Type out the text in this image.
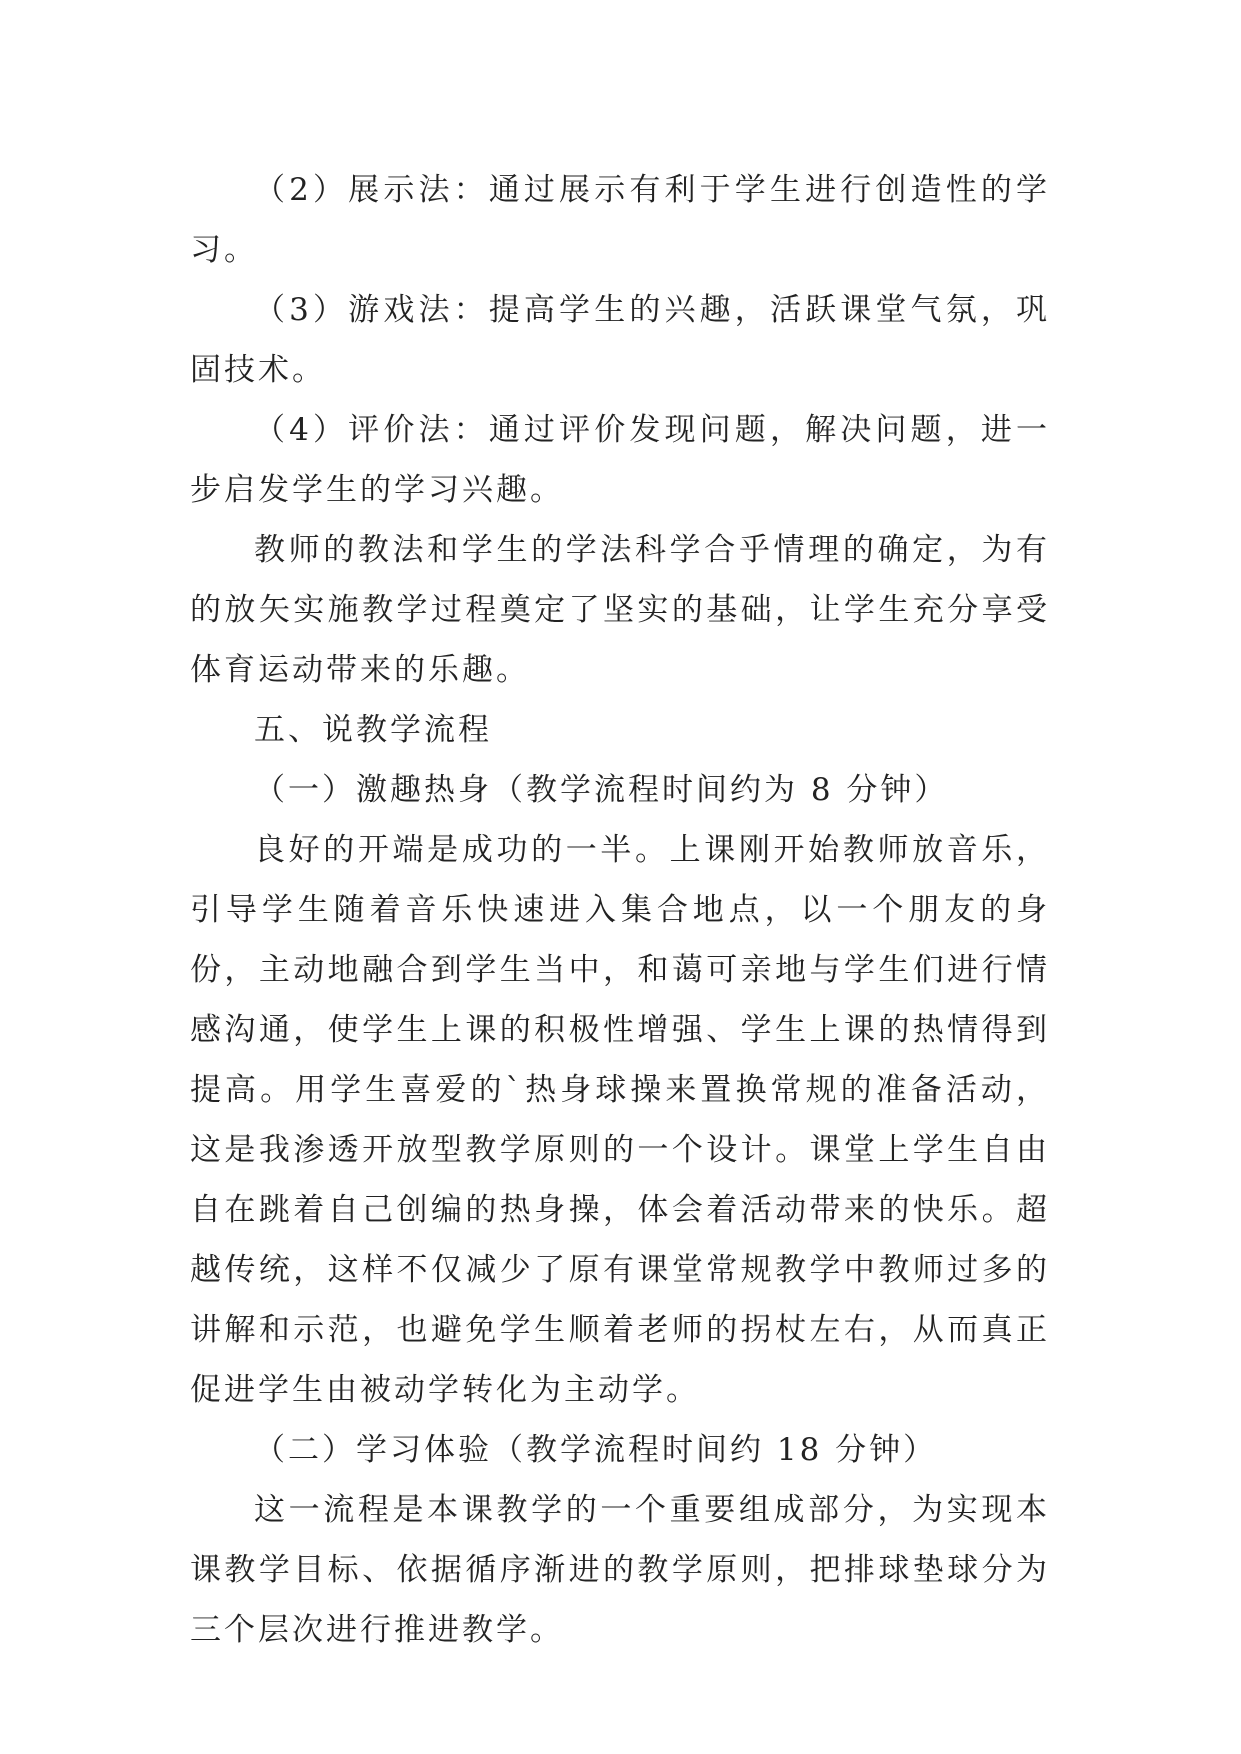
（2）展示法：通过展示有利于学生进行创造性的学习。

（3）游戏法：提高学生的兴趣，活跃课堂气氛，巩固技术。

（4）评价法：通过评价发现问题，解决问题，进一步启发学生的学习兴趣。

教师的教法和学生的学法科学合乎情理的确定，为有的放矢实施教学过程奠定了坚实的基础，让学生充分享受体育运动带来的乐趣。

五、说教学流程

（一）激趣热身（教学流程时间约为 8 分钟）

良好的开端是成功的一半。上课刚开始教师放音乐，引导学生随着音乐快速进入集合地点，以一个朋友的身份，主动地融合到学生当中，和蔼可亲地与学生们进行情感沟通，使学生上课的积极性增强、学生上课的热情得到提高。用学生喜爱的`热身球操来置换常规的准备活动，这是我渗透开放型教学原则的一个设计。课堂上学生自由自在跳着自己创编的热身操，体会着活动带来的快乐。超越传统，这样不仅减少了原有课堂常规教学中教师过多的讲解和示范，也避免学生顺着老师的拐杖左右，从而真正促进学生由被动学转化为主动学。

（二）学习体验（教学流程时间约 18 分钟）

这一流程是本课教学的一个重要组成部分，为实现本课教学目标、依据循序渐进的教学原则，把排球垫球分为三个层次进行推进教学。
